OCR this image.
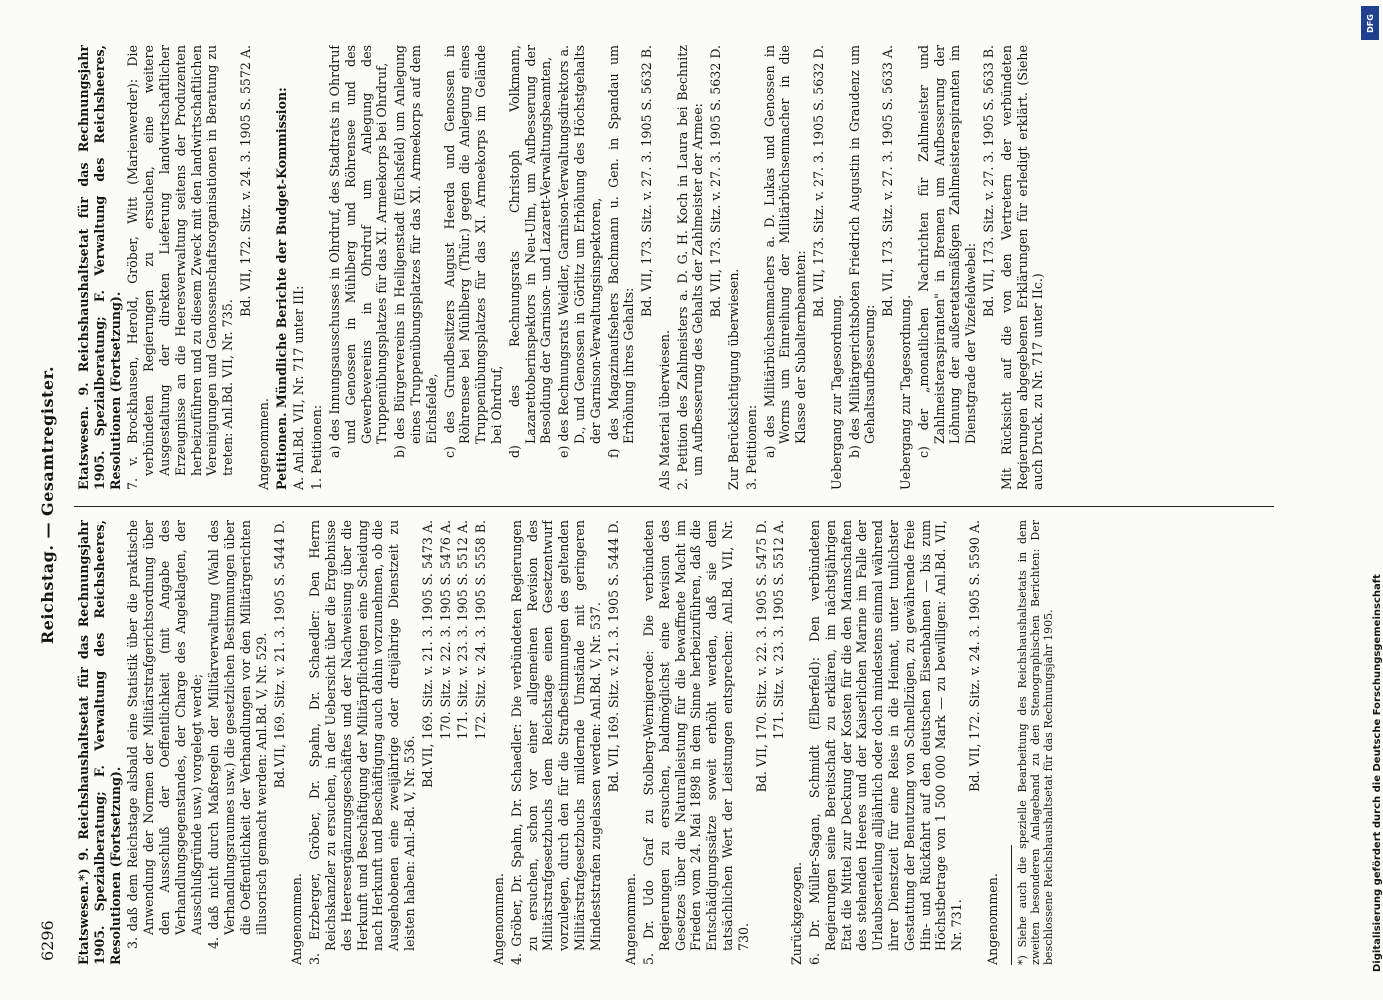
6296
Reichstag. — Gesamtregister.

Etatswesen.*) 9. Reichshaushaltsetat für das Rechnungsjahr 1905. Spezialberatung; F. Verwaltung des Reichsheeres, Resolutionen (Fortsetzung). 3. daß dem Reichstage alsbald eine Statistik über die praktische Anwendung der Normen der Militärstrafgerichtsordnung über den Ausschluß der Oeffentlichkeit (mit Angabe des Verhandlungsgegenstandes, der Charge des Angeklagten, der Ausschlußgründe usw.) vorgelegt werde; 4. daß nicht durch Maßregeln der Militärverwaltung (Wahl des Verhandlungsraumes usw.) die gesetzlichen Bestimmungen über die Oeffentlichkeit der Verhandlungen vor den Militärgerichten illusorisch gemacht werden: Anl.Bd. V, Nr. 529. Bd.VII, 169. Sitz. v. 21. 3. 1905 S. 5444 D.

Angenommen. 3. Erzberger, Gröber, Dr. Spahn, Dr. Schaedler: Den Herrn Reichskanzler zu ersuchen, in der Uebersicht über die Ergebnisse des Heeresergänzungsgeschäftes und der Nachweisung über die Herkunft und Beschäftigung der Militärpflichtigen eine Scheidung nach Herkunft und Beschäftigung auch dahin vorzunehmen, ob die Ausgehobenen eine zweijährige oder dreijährige Dienstzeit zu leisten haben: Anl.-Bd. V, Nr. 536.

Bd.VII, 169. Sitz. v. 21. 3. 1905 S. 5473 A. 170. Sitz. v. 22. 3. 1905 S. 5476 A. 171. Sitz. v. 23. 3. 1905 S. 5512 A. 172. Sitz. v. 24. 3. 1905 S. 5558 B.

Angenommen. 4. Gröber, Dr. Spahn, Dr. Schaedler: Die verbündeten Regierungen zu ersuchen, schon vor einer allgemeinen Revision des Militärstrafgesetzbuchs dem Reichstage einen Gesetzentwurf vorzulegen, durch den für die Strafbestimmungen des geltenden Militärstrafgesetzbuchs mildernde Umstände mit geringeren Mindeststrafen zugelassen werden: Anl.Bd. V, Nr. 537. Bd. VII, 169. Sitz. v. 21. 3. 1905 S. 5444 D.

Angenommen. 5. Dr. Udo Graf zu Stolberg-Wernigerode: Die verbündeten Regierungen zu ersuchen, baldmöglichst eine Revision des Gesetzes über die Naturalleistung für die bewaffnete Macht im Frieden vom 24. Mai 1898 in dem Sinne herbeizuführen, daß die Entschädigungssätze soweit erhöht werden, daß sie dem tatsächlichen Wert der Leistungen entsprechen: Anl.Bd. VII, Nr. 730.

Bd. VII, 170. Sitz. v. 22. 3. 1905 S. 5475 D. 171. Sitz. v. 23. 3. 1905 S. 5512 A.

Zurückgezogen. 6. Dr. Müller-Sagan, Schmidt (Elberfeld): Den verbündeten Regierungen seine Bereitschaft zu erklären, im nächstjährigen Etat die Mittel zur Deckung der Kosten für die den Mannschaften des stehenden Heeres und der Kaiserlichen Marine im Falle der Urlaubserteilung alljährlich oder doch mindestens einmal während ihrer Dienstzeit für eine Reise in die Heimat, unter tunlichster Gestattung der Benutzung von Schnellzügen, zu gewährende freie Hin- und Rückfahrt auf den deutschen Eisenbahnen — bis zum Höchstbetrage von 1 500 000 Mark — zu bewilligen: Anl.Bd. VII, Nr. 731.

Bd. VII, 172. Sitz. v. 24. 3. 1905 S. 5590 A.

Angenommen. *) Siehe auch die spezielle Bearbeitung des Reichshaushaltsetats in dem zweiten besonderen Anlageband zu den Stenographischen Berichten: Der beschlossene Reichshaushaltsetat für das Rechnungsjahr 1905.

Etatswesen. 9. Reichshaushaltsetat für das Rechnungsjahr 1905. Spezialberatung; F. Verwaltung des Reichsheeres, Resolutionen (Fortsetzung). 7. v. Brockhausen, Herold, Gröber, Witt (Marienwerder): Die verbündeten Regierungen zu ersuchen, eine weitere Ausgestaltung der direkten Lieferung landwirtschaftlicher Erzeugnisse an die Heeresverwaltung seitens der Produzenten herbeizuführen und zu diesem Zweck mit den landwirtschaftlichen Vereinigungen und Genossenschaftsorganisationen in Beratung zu treten: Anl.Bd. VII, Nr. 735.

Bd. VII, 172. Sitz. v. 24. 3. 1905 S. 5572 A.

Angenommen. Petitionen. Mündliche Berichte der Budget-Kommission: A. Anl.Bd. VII, Nr. 717 unter III: 1. Petitionen: a) des Innungsausschusses in Ohrdruf, des Stadtrats in Ohrdruf und Genossen in Mühlberg und Röhrensee und des Gewerbevereins in Ohrdruf um Anlegung des Truppenübungsplatzes für das XI. Armeekorps bei Ohrdruf, b) des Bürgervereins in Heiligenstadt (Eichsfeld) um Anlegung eines Truppenübungsplatzes für das XI. Armeekorps auf dem Eichsfelde, c) des Grundbesitzers August Heerda und Genossen in Röhrensee bei Mühlberg (Thür.) gegen die Anlegung eines Truppenübungsplatzes für das XI. Armeekorps im Gelände bei Ohrdruf, d) des Rechnungsrats Christoph Volkmann, Lazarettoberinspektors in Neu-Ulm, um Aufbesserung der Besoldung der Garnison- und Lazarett-Verwaltungsbeamten, e) des Rechnungsrats Weidler, Garnison-Verwaltungsdirektors a. D., und Genossen in Görlitz um Erhöhung des Höchstgehalts der Garnison-Verwaltungsinspektoren, f) des Magazinaufsehers Bachmann u. Gen. in Spandau um Erhöhung ihres Gehalts:

Bd. VII, 173. Sitz. v. 27. 3. 1905 S. 5632 B.

Als Material überwiesen. 2. Petition des Zahlmeisters a. D. G. H. Koch in Laura bei Bechnitz um Aufbesserung des Gehalts der Zahlmeister der Armee: Bd. VII, 173. Sitz. v. 27. 3. 1905 S. 5632 D.

Zur Berücksichtigung überwiesen. 3. Petitionen: a) des Militärbüchsenmachers a. D. Lukas und Genossen in Worms um Einreihung der Militärbüchsenmacher in die Klasse der Subalternbeamten:

Bd. VII, 173. Sitz. v. 27. 3. 1905 S. 5632 D.

Uebergang zur Tagesordnung. b) des Militärgerichtsboten Friedrich Augustin in Graudenz um Gehaltsaufbesserung:

Bd. VII, 173. Sitz. v. 27. 3. 1905 S. 5633 A.

Uebergang zur Tagesordnung. c) der „monatlichen Nachrichten für Zahlmeister und Zahlmeisteraspiranten" in Bremen um Aufbesserung der Löhnung der außeretatsmäßigen Zahlmeisteraspiranten im Dienstgrade der Vizefeldwebel:

Bd. VII, 173. Sitz. v. 27. 3. 1905 S. 5633 B. Mit Rücksicht auf die von den Vertretern der verbündeten Regierungen abgegebenen Erklärungen für erledigt erklärt. (Siehe auch Druck. zu Nr. 717 unter IIc.)

Digitalisierung gefördert durch die Deutsche Forschungsgemeinschaft
DFG
